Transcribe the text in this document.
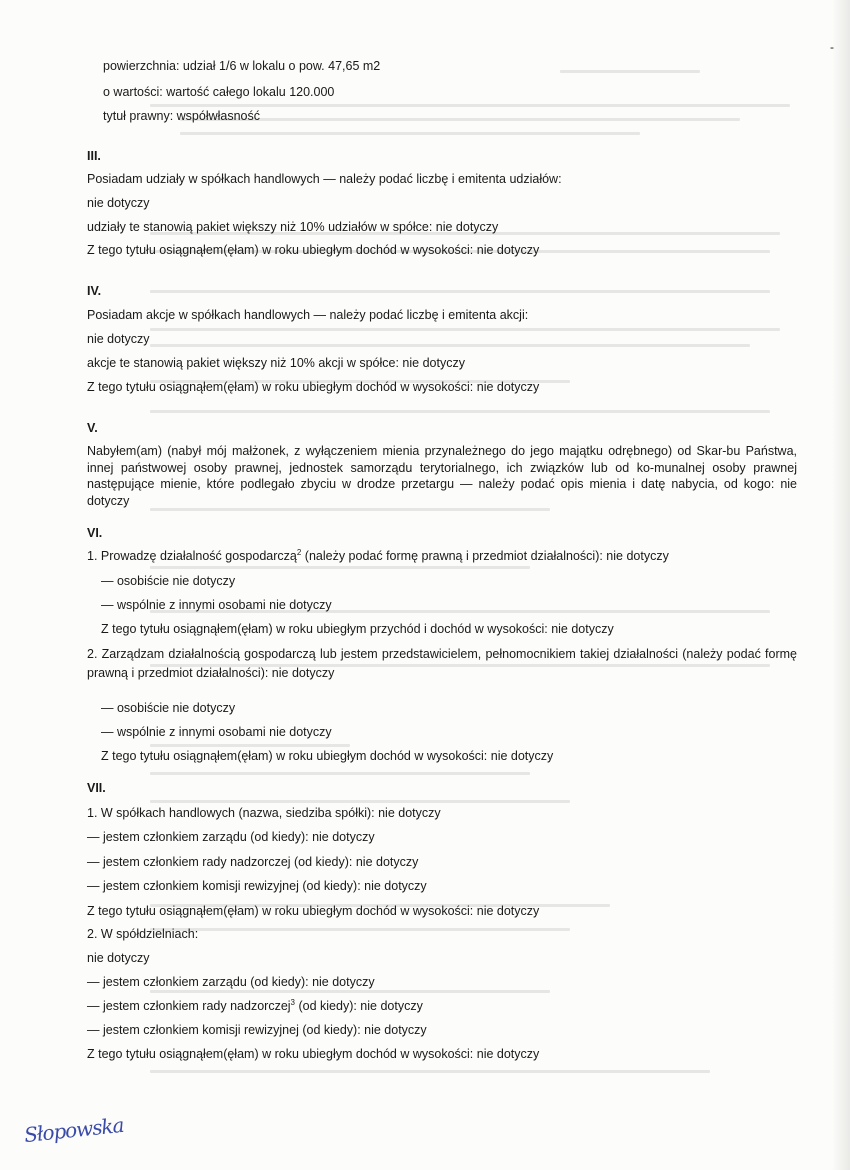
powierzchnia: udział 1/6 w lokalu o pow. 47,65 m2
o wartości: wartość całego lokalu 120.000
tytuł prawny: współwłasność
III.
Posiadam udziały w spółkach handlowych — należy podać liczbę i emitenta udziałów:
nie dotyczy
udziały te stanowią pakiet większy niż 10% udziałów w spółce: nie dotyczy
Z tego tytułu osiągnąłem(ęłam) w roku ubiegłym dochód w wysokości: nie dotyczy
IV.
Posiadam akcje w spółkach handlowych — należy podać liczbę i emitenta akcji:
nie dotyczy
akcje te stanowią pakiet większy niż 10% akcji w spółce: nie dotyczy
Z tego tytułu osiągnąłem(ęłam) w roku ubiegłym dochód w wysokości: nie dotyczy
V.
Nabyłem(am) (nabył mój małżonek, z wyłączeniem mienia przynależnego do jego majątku odrębnego) od Skar-bu Państwa, innej państwowej osoby prawnej, jednostek samorządu terytorialnego, ich związków lub od ko-munalnej osoby prawnej następujące mienie, które podlegało zbyciu w drodze przetargu — należy podać opis mienia i datę nabycia, od kogo: nie dotyczy
VI.
1. Prowadzę działalność gospodarczą$^2$ (należy podać formę prawną i przedmiot działalności): nie dotyczy
— osobiście nie dotyczy
— wspólnie z innymi osobami nie dotyczy
Z tego tytułu osiągnąłem(ęłam) w roku ubiegłym przychód i dochód w wysokości: nie dotyczy
2. Zarządzam działalnością gospodarczą lub jestem przedstawicielem, pełnomocnikiem takiej działalności (należy podać formę prawną i przedmiot działalności): nie dotyczy
— osobiście nie dotyczy
— wspólnie z innymi osobami nie dotyczy
Z tego tytułu osiągnąłem(ęłam) w roku ubiegłym dochód w wysokości: nie dotyczy
VII.
1. W spółkach handlowych (nazwa, siedziba spółki): nie dotyczy
— jestem członkiem zarządu (od kiedy): nie dotyczy
— jestem członkiem rady nadzorczej (od kiedy): nie dotyczy
— jestem członkiem komisji rewizyjnej (od kiedy): nie dotyczy
Z tego tytułu osiągnąłem(ęłam) w roku ubiegłym dochód w wysokości: nie dotyczy
2. W spółdzielniach:
nie dotyczy
— jestem członkiem zarządu (od kiedy): nie dotyczy
— jestem członkiem rady nadzorczej$^3$ (od kiedy): nie dotyczy
— jestem członkiem komisji rewizyjnej (od kiedy): nie dotyczy
Z tego tytułu osiągnąłem(ęłam) w roku ubiegłym dochód w wysokości: nie dotyczy
Słopowska
-
